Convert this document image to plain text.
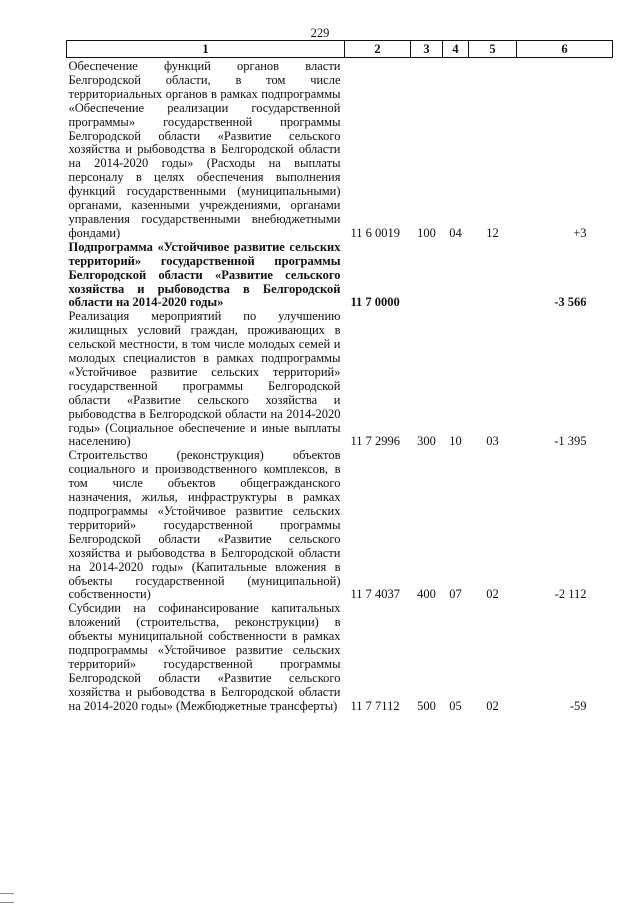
229
1	2	3	4	5	6
Обеспечение функций органов власти Белгородской области, в том числе территориальных органов в рамках подпрограммы «Обеспечение реализации государственной программы» государственной программы Белгородской области «Развитие сельского хозяйства и рыбоводства в Белгородской области на 2014-2020 годы» (Расходы на выплаты персоналу в целях обеспечения выполнения функций государственными (муниципальными) органами, казенными учреждениями, органами управления государственными внебюджетными фондами)	11 6 0019	100	04	12	+3
Подпрограмма «Устойчивое развитие сельских территорий» государственной программы Белгородской области «Развитие сельского хозяйства и рыбоводства в Белгородской области на 2014-2020 годы»	11 7 0000				-3 566
Реализация мероприятий по улучшению жилищных условий граждан, проживающих в сельской местности, в том числе молодых семей и молодых специалистов в рамках подпрограммы «Устойчивое развитие сельских территорий» государственной программы Белгородской области «Развитие сельского хозяйства и рыбоводства в Белгородской области на 2014-2020 годы» (Социальное обеспечение и иные выплаты населению)	11 7 2996	300	10	03	-1 395
Строительство (реконструкция) объектов социального и производственного комплексов, в том числе объектов общегражданского назначения, жилья, инфраструктуры в рамках подпрограммы «Устойчивое развитие сельских территорий» государственной программы Белгородской области «Развитие сельского хозяйства и рыбоводства в Белгородской области на 2014-2020 годы» (Капитальные вложения в объекты государственной (муниципальной) собственности)	11 7 4037	400	07	02	-2 112
Субсидии на софинансирование капитальных вложений (строительства, реконструкции) в объекты муниципальной собственности в рамках подпрограммы «Устойчивое развитие сельских территорий» государственной программы Белгородской области «Развитие сельского хозяйства и рыбоводства в Белгородской области на 2014-2020 годы» (Межбюджетные трансферты)	11 7 7112	500	05	02	-59
